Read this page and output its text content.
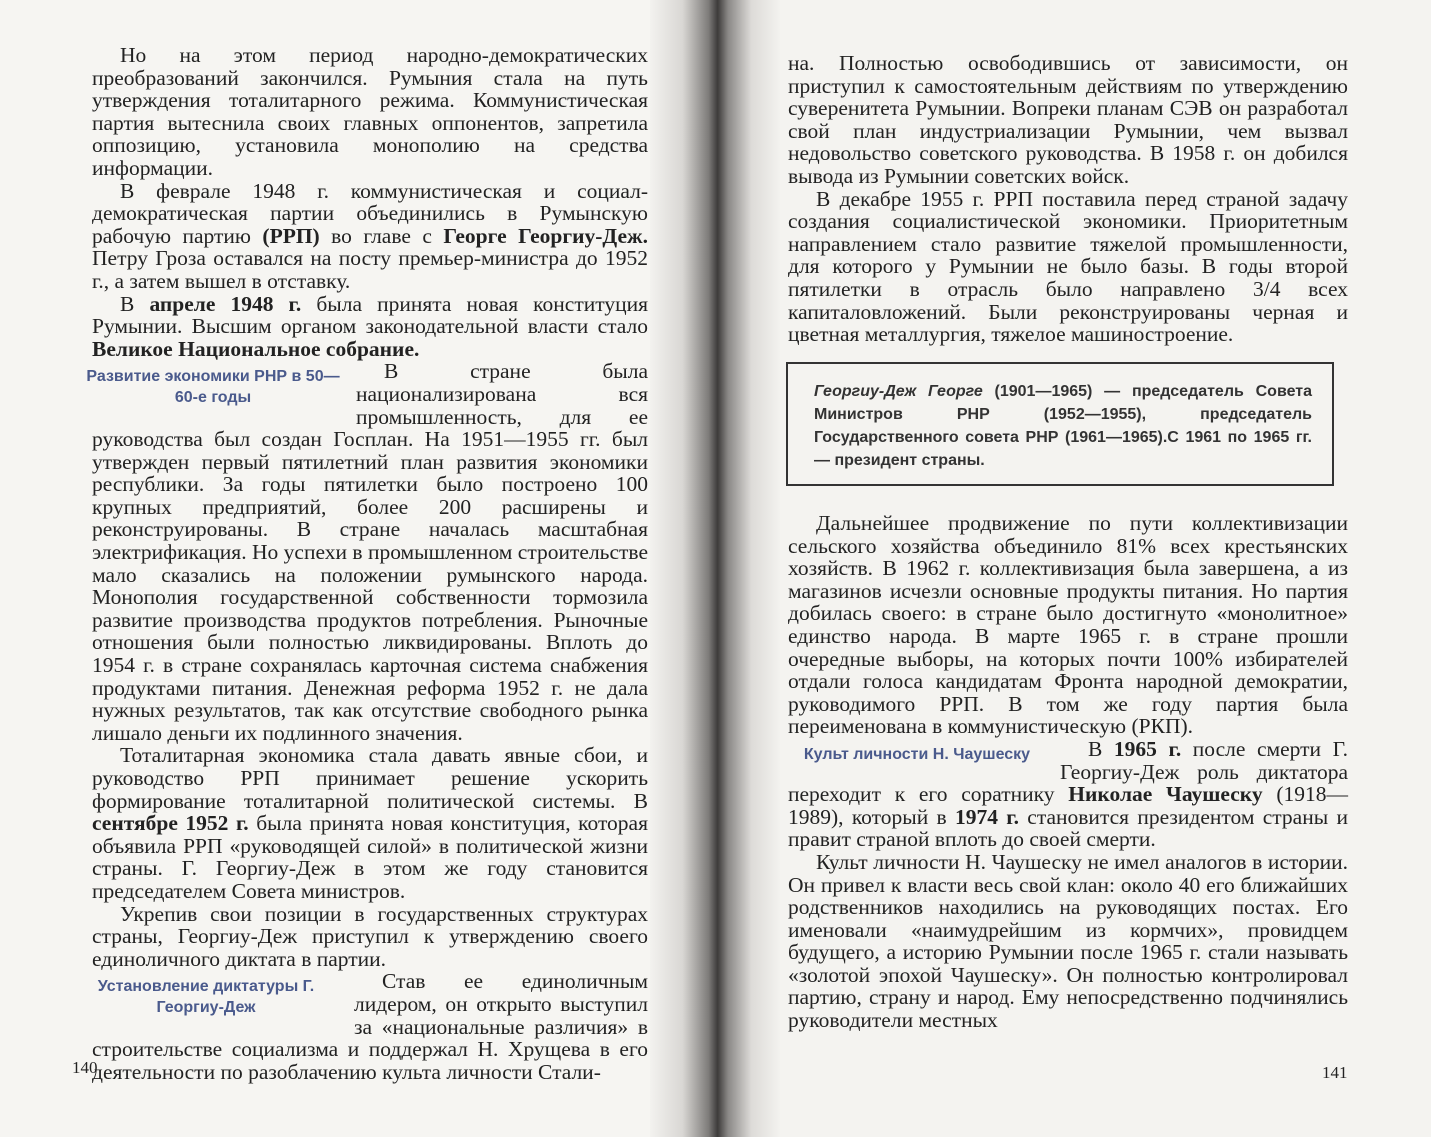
Но на этом период народно-демократических преобразований закончился. Румыния стала на путь утверждения тоталитарного режима. Коммунистическая партия вытеснила своих главных оппонентов, запретила оппозицию, установила монополию на средства информации.

В феврале 1948 г. коммунистическая и социал-демократическая партии объединились в Румынскую рабочую партию (РРП) во главе с Георге Георгиу-Деж. Петру Гроза оставался на посту премьер-министра до 1952 г., а затем вышел в отставку.

В апреле 1948 г. была принята новая конституция Румынии. Высшим органом законодательной власти стало Великое Национальное собрание.

Развитие экономики РНР в 50—60-е годы

В стране была национализирована вся промышленность, для ее руководства был создан Госплан. На 1951—1955 гг. был утвержден первый пятилетний план развития экономики республики. За годы пятилетки было построено 100 крупных предприятий, более 200 расширены и реконструированы. В стране началась масштабная электрификация. Но успехи в промышленном строительстве мало сказались на положении румынского народа. Монополия государственной собственности тормозила развитие производства продуктов потребления. Рыночные отношения были полностью ликвидированы. Вплоть до 1954 г. в стране сохранялась карточная система снабжения продуктами питания. Денежная реформа 1952 г. не дала нужных результатов, так как отсутствие свободного рынка лишало деньги их подлинного значения.

Тоталитарная экономика стала давать явные сбои, и руководство РРП принимает решение ускорить формирование тоталитарной политической системы. В сентябре 1952 г. была принята новая конституция, которая объявила РРП «руководящей силой» в политической жизни страны. Г. Георгиу-Деж в этом же году становится председателем Совета министров.

Укрепив свои позиции в государственных структурах страны, Георгиу-Деж приступил к утверждению своего единоличного диктата в партии.

Установление диктатуры Г. Георгиу-Деж

Став ее единоличным лидером, он открыто выступил за «национальные различия» в строительстве социализма и поддержал Н. Хрущева в его деятельности по разоблачению культа личности Стали-

140

на. Полностью освободившись от зависимости, он приступил к самостоятельным действиям по утверждению суверенитета Румынии. Вопреки планам СЭВ он разработал свой план индустриализации Румынии, чем вызвал недовольство советского руководства. В 1958 г. он добился вывода из Румынии советских войск.

В декабре 1955 г. РРП поставила перед страной задачу создания социалистической экономики. Приоритетным направлением стало развитие тяжелой промышленности, для которого у Румынии не было базы. В годы второй пятилетки в отрасль было направлено 3/4 всех капиталовложений. Были реконструированы черная и цветная металлургия, тяжелое машиностроение.

Георгиу-Деж Георге (1901—1965) — председатель Совета Министров РНР (1952—1955), председатель Государственного совета РНР (1961—1965).С 1961 по 1965 гг. — президент страны.

Дальнейшее продвижение по пути коллективизации сельского хозяйства объединило 81% всех крестьянских хозяйств. В 1962 г. коллективизация была завершена, а из магазинов исчезли основные продукты питания. Но партия добилась своего: в стране было достигнуто «монолитное» единство народа. В марте 1965 г. в стране прошли очередные выборы, на которых почти 100% избирателей отдали голоса кандидатам Фронта народной демократии, руководимого РРП. В том же году партия была переименована в коммунистическую (РКП).

Культ личности Н. Чаушеску	В 1965 г. после смерти Г. Георгиу-Деж роль диктатора переходит к его соратнику Николае Чаушеску (1918—1989), который в 1974 г. становится президентом страны и правит страной вплоть до своей смерти.

Культ личности Н. Чаушеску не имел аналогов в истории. Он привел к власти весь свой клан: около 40 его ближайших родственников находились на руководящих постах. Его именовали «наимудрейшим из кормчих», провидцем будущего, а историю Румынии после 1965 г. стали называть «золотой эпохой Чаушеску». Он полностью контролировал партию, страну и народ. Ему непосредственно подчинялись руководители местных

141
